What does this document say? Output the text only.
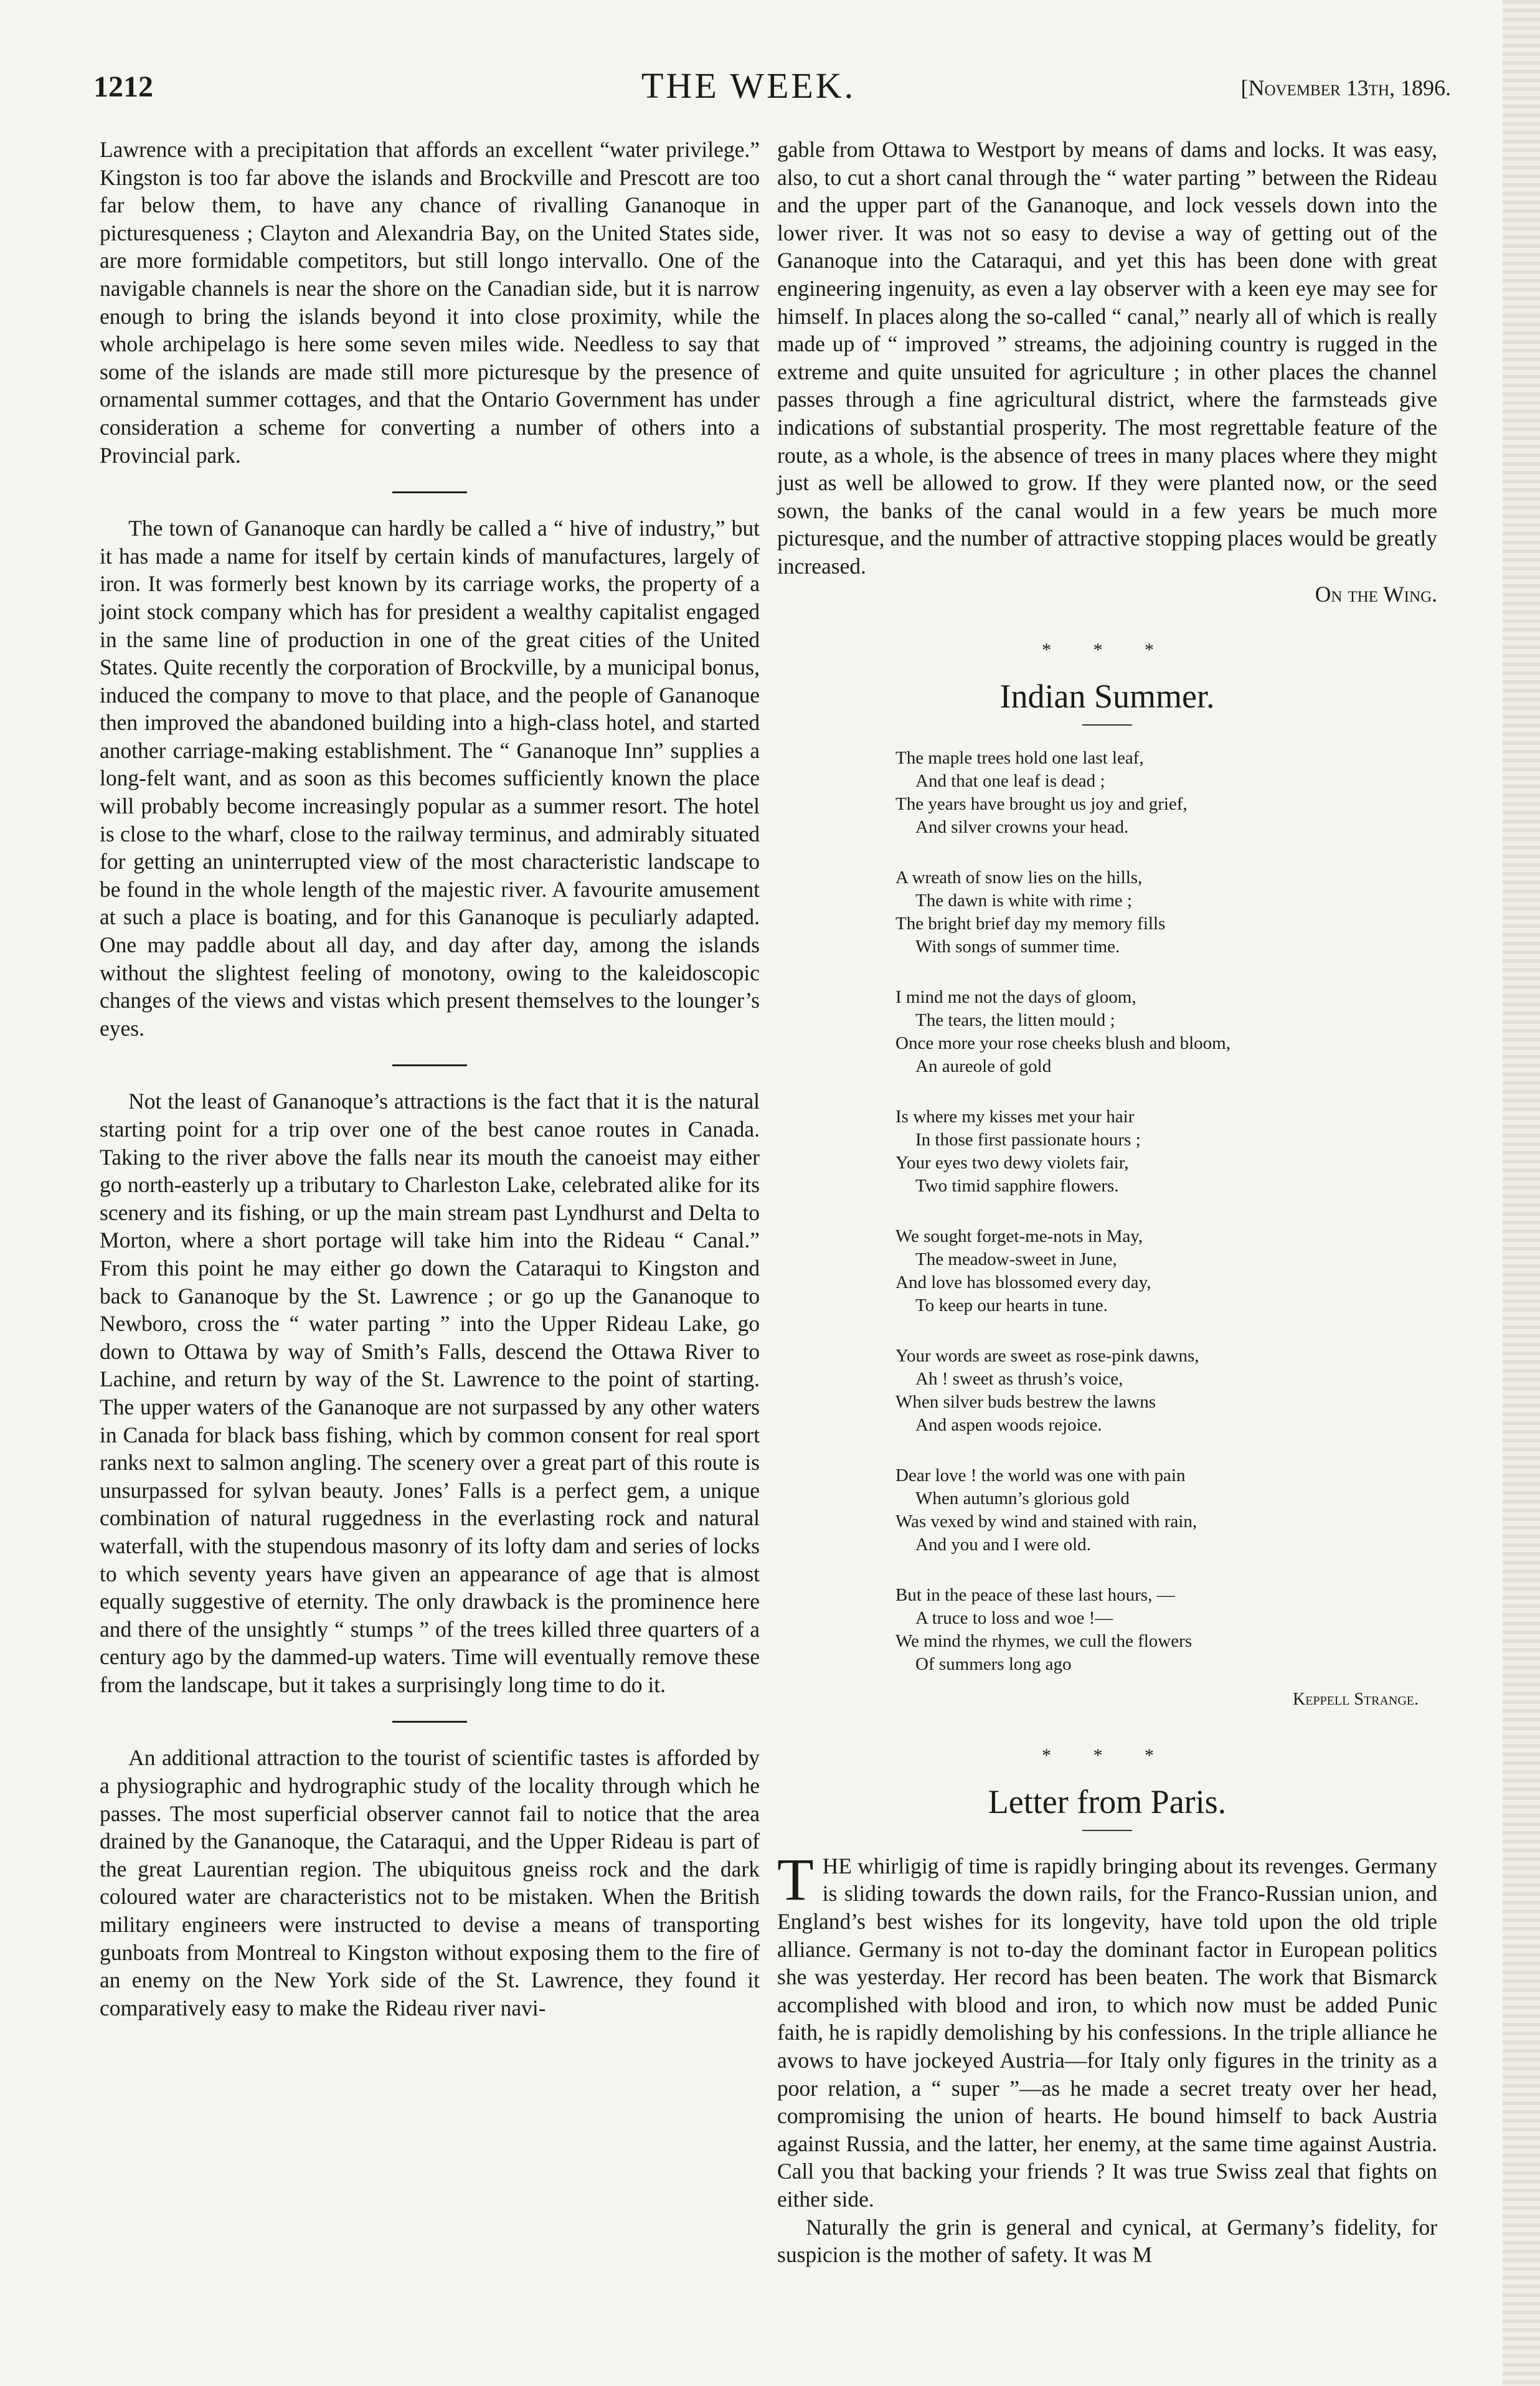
1212	THE WEEK.	[November 13th, 1896.

Lawrence with a precipitation that affords an excellent “water privilege.” Kingston is too far above the islands and Brockville and Prescott are too far below them, to have any chance of rivalling Gananoque in picturesqueness ; Clayton and Alexandria Bay, on the United States side, are more formidable competitors, but still longo intervallo. One of the navigable channels is near the shore on the Canadian side, but it is narrow enough to bring the islands beyond it into close proximity, while the whole archipelago is here some seven miles wide. Needless to say that some of the islands are made still more picturesque by the presence of ornamental summer cottages, and that the Ontario Government has under consideration a scheme for converting a number of others into a Provincial park.

The town of Gananoque can hardly be called a “ hive of industry,” but it has made a name for itself by certain kinds of manufactures, largely of iron. It was formerly best known by its carriage works, the property of a joint stock company which has for president a wealthy capitalist engaged in the same line of production in one of the great cities of the United States. Quite recently the corporation of Brockville, by a municipal bonus, induced the company to move to that place, and the people of Gananoque then improved the abandoned building into a high-class hotel, and started another carriage-making establishment. The “ Gananoque Inn” supplies a long-felt want, and as soon as this becomes sufficiently known the place will probably become increasingly popular as a summer resort. The hotel is close to the wharf, close to the railway terminus, and admirably situated for getting an uninterrupted view of the most characteristic landscape to be found in the whole length of the majestic river. A favourite amusement at such a place is boating, and for this Gananoque is peculiarly adapted. One may paddle about all day, and day after day, among the islands without the slightest feeling of monotony, owing to the kaleidoscopic changes of the views and vistas which present themselves to the lounger’s eyes.

Not the least of Gananoque’s attractions is the fact that it is the natural starting point for a trip over one of the best canoe routes in Canada. Taking to the river above the falls near its mouth the canoeist may either go north-easterly up a tributary to Charleston Lake, celebrated alike for its scenery and its fishing, or up the main stream past Lyndhurst and Delta to Morton, where a short portage will take him into the Rideau “ Canal.” From this point he may either go down the Cataraqui to Kingston and back to Gananoque by the St. Lawrence ; or go up the Gananoque to Newboro, cross the “ water parting ” into the Upper Rideau Lake, go down to Ottawa by way of Smith’s Falls, descend the Ottawa River to Lachine, and return by way of the St. Lawrence to the point of starting. The upper waters of the Gananoque are not surpassed by any other waters in Canada for black bass fishing, which by common consent for real sport ranks next to salmon angling. The scenery over a great part of this route is unsurpassed for sylvan beauty. Jones’ Falls is a perfect gem, a unique combination of natural ruggedness in the everlasting rock and natural waterfall, with the stupendous masonry of its lofty dam and series of locks to which seventy years have given an appearance of age that is almost equally suggestive of eternity. The only drawback is the prominence here and there of the unsightly “ stumps ” of the trees killed three quarters of a century ago by the dammed-up waters. Time will eventually remove these from the landscape, but it takes a surprisingly long time to do it.

An additional attraction to the tourist of scientific tastes is afforded by a physiographic and hydrographic study of the locality through which he passes. The most superficial observer cannot fail to notice that the area drained by the Gananoque, the Cataraqui, and the Upper Rideau is part of the great Laurentian region. The ubiquitous gneiss rock and the dark coloured water are characteristics not to be mistaken. When the British military engineers were instructed to devise a means of transporting gunboats from Montreal to Kingston without exposing them to the fire of an enemy on the New York side of the St. Lawrence, they found it comparatively easy to make the Rideau river navi-

gable from Ottawa to Westport by means of dams and locks. It was easy, also, to cut a short canal through the “ water parting ” between the Rideau and the upper part of the Gananoque, and lock vessels down into the lower river. It was not so easy to devise a way of getting out of the Gananoque into the Cataraqui, and yet this has been done with great engineering ingenuity, as even a lay observer with a keen eye may see for himself. In places along the so-called “ canal,” nearly all of which is really made up of “ improved ” streams, the adjoining country is rugged in the extreme and quite unsuited for agriculture ; in other places the channel passes through a fine agricultural district, where the farmsteads give indications of substantial prosperity. The most regrettable feature of the route, as a whole, is the absence of trees in many places where they might just as well be allowed to grow. If they were planted now, or the seed sown, the banks of the canal would in a few years be much more picturesque, and the number of attractive stopping places would be greatly increased.

On the Wing.
* * *
Indian Summer.
The maple trees hold one last leaf,
And that one leaf is dead ;
The years have brought us joy and grief,
And silver crowns your head.
A wreath of snow lies on the hills,
The dawn is white with rime ;
The bright brief day my memory fills
With songs of summer time.
I mind me not the days of gloom,
The tears, the litten mould ;
Once more your rose cheeks blush and bloom,
An aureole of gold
Is where my kisses met your hair
In those first passionate hours ;
Your eyes two dewy violets fair,
Two timid sapphire flowers.
We sought forget-me-nots in May,
The meadow-sweet in June,
And love has blossomed every day,
To keep our hearts in tune.
Your words are sweet as rose-pink dawns,
Ah ! sweet as thrush’s voice,
When silver buds bestrew the lawns
And aspen woods rejoice.
Dear love ! the world was one with pain
When autumn’s glorious gold
Was vexed by wind and stained with rain,
And you and I were old.
But in the peace of these last hours, —
A truce to loss and woe !—
We mind the rhymes, we cull the flowers
Of summers long ago
Keppell Strange.
* * *
Letter from Paris.

THE whirligig of time is rapidly bringing about its revenges. Germany is sliding towards the down rails, for the Franco-Russian union, and England’s best wishes for its longevity, have told upon the old triple alliance. Germany is not to-day the dominant factor in European politics she was yesterday. Her record has been beaten. The work that Bismarck accomplished with blood and iron, to which now must be added Punic faith, he is rapidly demolishing by his confessions. In the triple alliance he avows to have jockeyed Austria—for Italy only figures in the trinity as a poor relation, a “ super ”—as he made a secret treaty over her head, compromising the union of hearts. He bound himself to back Austria against Russia, and the latter, her enemy, at the same time against Austria. Call you that backing your friends ? It was true Swiss zeal that fights on either side.

Naturally the grin is general and cynical, at Germany’s fidelity, for suspicion is the mother of safety. It was M
